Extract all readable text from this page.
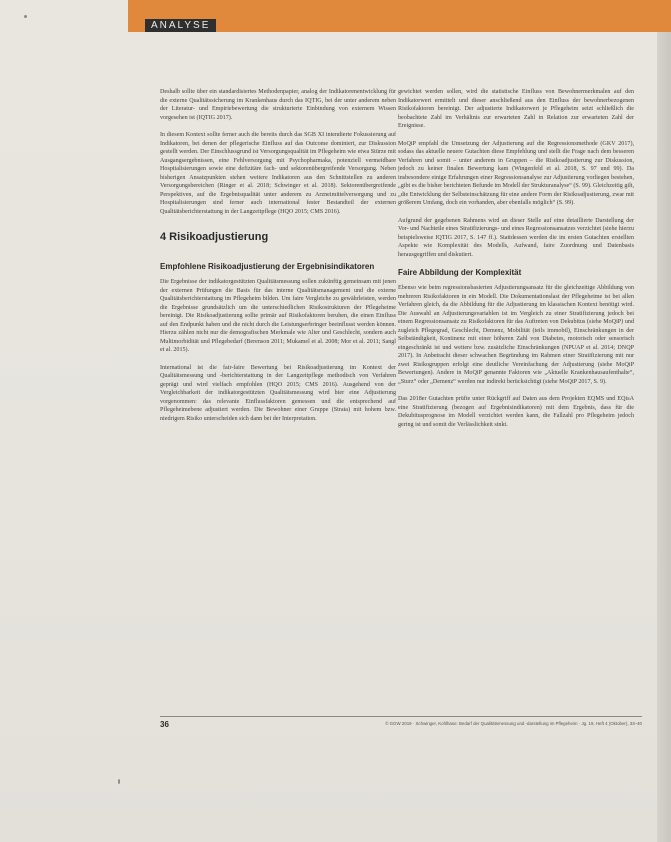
ANALYSE

Deshalb sollte über ein standardisiertes Methodenpapier, analog der Indikatorenentwicklung für die externe Qualitätssicherung im Krankenhaus durch das IQTIG, bei der unter anderem neben der Literatur- und Empiriebewertung die strukturierte Einbindung von externem Wissen vorgesehen ist (IQTIG 2017).

In diesem Kontext sollte ferner auch die bereits durch das SGB XI intendierte Fokussierung auf Indikatoren, bei denen der pflegerische Einfluss auf das Outcome dominiert, zur Diskussion gestellt werden. Der Einschlussgrund ist Versorgungsqualität im Pflegeheim wie etwa Stürze mit Ausgangsergebnissen, eine Fehlversorgung mit Psychopharmaka, potenziell vermeidbare Hospitalisierungen sowie eine defizitäre fach- und sektorenübergreifende Versorgung. Neben bisherigen Ansatzpunkten stehen weitere Indikatoren aus den Schnittstellen zu anderen Versorgungsbereichen (Ringer et al. 2018; Schwinger et al. 2018). Sektorenübergreifende Perspektiven, auf die Ergebnisqualität unter anderem zu Arzneimittelversorgung und zu Hospitalisierungen sind ferner auch international fester Bestandteil der externen Qualitätsberichterstattung in der Langzeitpflege (HQO 2015; CMS 2016).

4 Risikoadjustierung
Empfohlene Risikoadjustierung der Ergebnisindikatoren

Die Ergebnisse der indikatorgestützten Qualitätsmessung sollen zukünftig gemeinsam mit jenen der externen Prüfungen die Basis für das interne Qualitätsmanagement und die externe Qualitätsberichterstattung im Pflegeheim bilden. Um faire Vergleiche zu gewährleisten, werden die Ergebnisse grundsätzlich um die unterschiedlichen Risikostrukturen der Pflegeheime bereinigt. Die Risikoadjustierung sollte primär auf Risikofaktoren beruhen, die einen Einfluss auf den Endpunkt haben und die nicht durch die Leistungserbringer beeinflusst werden können. Hierzu zählen nicht nur die demografischen Merkmale wie Alter und Geschlecht, sondern auch Multimorbidität und Pflegebedarf (Berenson 2011; Mukamel et al. 2008; Mor et al. 2011; Sangl et al. 2015).

International ist die fair-faire Bewertung bei Risikoadjustierung im Kontext der Qualitätsmessung und -berichterstattung in der Langzeitpflege methodisch von Verfahren geprägt und wird vielfach empfohlen (HQO 2015; CMS 2016). Ausgehend von der Vergleichbarkeit der indikatorgestützten Qualitätsmessung wird hier eine Adjustierung vorgenommen: das relevante Einflussfaktoren gemessen und die entsprechend auf Pflegeheimebene adjustiert werden. Die Bewohner einer Gruppe (Strata) mit hohem bzw. niedrigem Risiko unterscheiden sich dann bei der Interpretation.

gewichtet werden sollen, wird die statistische Einfluss von Bewohnermerkmalen auf den Indikatorwert ermittelt und dieser anschließend aus den Einfluss der bewohnerbezogenen Risikofaktoren bereinigt. Der adjustierte Indikatorwert je Pflegeheim setzt schließlich die beobachtete Zahl im Verhältnis zur erwarteten Zahl in Relation zur erwarteten Zahl der Ereignisse.

MoQiP empfahl die Umsetzung der Adjustierung auf die Regressionsmethode (GKV 2017), sodass das aktuelle neuere Gutachten diese Empfehlung und stellt die Frage nach dem besseren Verfahren und somit – unter anderem in Gruppen – die Risikoadjustierung zur Diskussion, jedoch zu keiner finalen Bewertung kam (Wingenfeld et al. 2018, S. 97 und 99). Da insbesondere einige Erfahrungen einer Regressionsanalyse zur Adjustierung vorliegen bestehen, „gibt es die bisher berichteten Befunde im Modell der Strukturanalyse“ (S. 99). Gleichzeitig gilt, „die Entwicklung der Selbsteinschätzung für eine andere Form der Risikoadjustierung, zwar mit größerem Umfang, doch ein vorhanden, aber ebenfalls möglich“ (S. 99).

Aufgrund der gegebenen Rahmens wird an dieser Stelle auf eine detaillierte Darstellung der Vor- und Nachteile eines Stratifizierungs- und eines Regressionsansatzes verzichtet (siehe hierzu beispielsweise IQTIG 2017, S. 147 ff.). Stattdessen werden die im ersten Gutachten erstellten Aspekte wie Komplexität des Modells, Aufwand, faire Zuordnung und Datenbasis herausgegriffen und diskutiert.

Faire Abbildung der Komplexität

Ebenso wie beim regressionsbasierten Adjustierungsansatz für die gleichzeitige Abbildung von mehreren Risikofaktoren in ein Modell. Die Dokumentationslast der Pflegeheime ist bei allen Verfahren gleich, da die Abbildung für die Adjustierung im klassischen Kontext benötigt wird. Die Auswahl an Adjustierungsvariablen ist im Vergleich zu einer Stratifizierung jedoch bei einem Regressionsansatz zu Risikofaktoren für das Auftreten von Dekubitus (siehe MoQiP) und zugleich Pflegegrad, Geschlecht, Demenz, Mobilität (teils immobil), Einschränkungen in der Selbständigkeit, Kontinenz mit einer höheren Zahl von Diabetes, motorisch oder sensorisch eingeschränkt ist und weitere bzw. zusätzliche Einschränkungen (NPUAP et al. 2014; DNQP 2017). In Anbetracht dieser schwachen Begründung im Rahmen einer Stratifizierung mit nur zwei Risikogruppen erfolgt eine deutliche Vereinfachung der Adjustierung (siehe MoQiP Bewertungen). Andere in MoQiP genannte Faktoren wie „Aktuelle Krankenhausaufenthalte“, „Sturz“ oder „Demenz“ werden nur indirekt berücksichtigt (siehe MoQiP 2017, S. 9).

Das 2018er Gutachten prüfte unter Rückgriff auf Daten aus dem Projekten EQMS und EQisA eine Stratifizierung (bezogen auf Ergebnisindikatoren) mit dem Ergebnis, dass für die Dekubitusprognose im Modell verzichtet werden kann, die Fallzahl pro Pflegeheim jedoch gering ist und somit die Verlässlichkeit sinkt.

36	© GGW 2019 · Schwinger, Kohlhase: Bedarf der Qualitätsmessung und -darstellung im Pflegeheim · Jg. 19, Heft 4 (Oktober), 33–40
